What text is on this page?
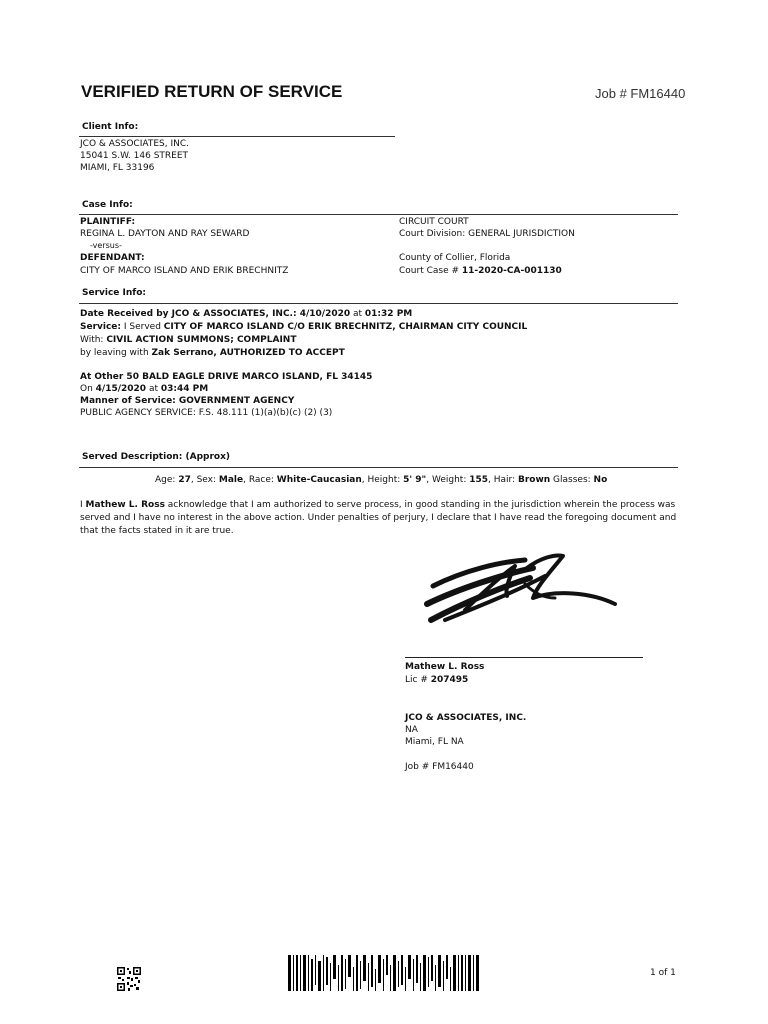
VERIFIED RETURN OF SERVICE	Job # FM16440
Client Info:
JCO & ASSOCIATES, INC.
15041 S.W. 146 STREET
MIAMI, FL 33196
Case Info:
PLAINTIFF:
REGINA L. DAYTON AND RAY SEWARD
-versus-
DEFENDANT:
CITY OF MARCO ISLAND AND ERIK BRECHNITZ
CIRCUIT COURT
Court Division: GENERAL JURISDICTION
County of Collier, Florida
Court Case # 11-2020-CA-001130
Service Info:
Date Received by JCO & ASSOCIATES, INC.: 4/10/2020 at 01:32 PM
Service: I Served CITY OF MARCO ISLAND C/O ERIK BRECHNITZ, CHAIRMAN CITY COUNCIL
With: CIVIL ACTION SUMMONS; COMPLAINT
by leaving with Zak Serrano, AUTHORIZED TO ACCEPT
At Other 50 BALD EAGLE DRIVE MARCO ISLAND, FL 34145
On 4/15/2020 at 03:44 PM
Manner of Service: GOVERNMENT AGENCY
PUBLIC AGENCY SERVICE: F.S. 48.111 (1)(a)(b)(c) (2) (3)
Served Description: (Approx)
Age: 27, Sex: Male, Race: White-Caucasian, Height: 5' 9", Weight: 155, Hair: Brown Glasses: No
I Mathew L. Ross acknowledge that I am authorized to serve process, in good standing in the jurisdiction wherein the process was served and I have no interest in the above action. Under penalties of perjury, I declare that I have read the foregoing document and that the facts stated in it are true.
Mathew L. Ross
Lic # 207495
JCO & ASSOCIATES, INC.
NA
Miami, FL NA
Job # FM16440
1 of 1
